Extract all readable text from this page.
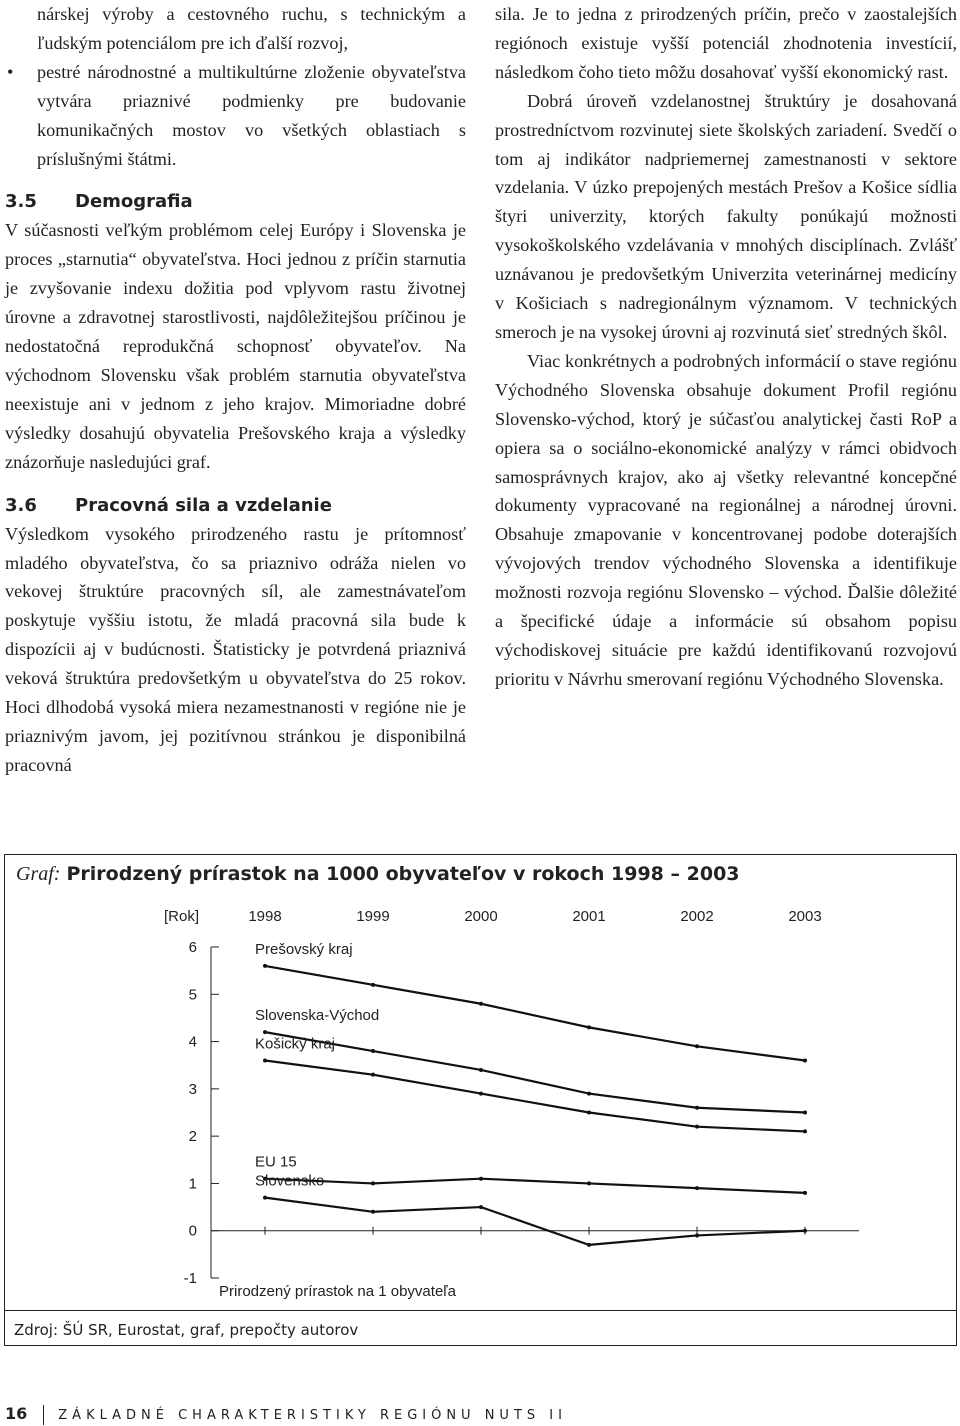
nárskej výroby a cestovného ruchu, s technickým a ľudským potenciálom pre ich ďalší rozvoj,

• pestré národnostné a multikultúrne zloženie obyvateľstva vytvára priaznivé podmienky pre budovanie komunikačných mostov vo všetkých oblastiach s príslušnými štátmi.

3.5 Demografia

V súčasnosti veľkým problémom celej Európy i Slovenska je proces „starnutia“ obyvateľstva. Hoci jednou z príčin starnutia je zvyšovanie indexu dožitia pod vplyvom rastu životnej úrovne a zdravotnej starostlivosti, najdôležitejšou príčinou je nedostatočná reprodukčná schopnosť obyvateľov. Na východnom Slovensku však problém starnutia obyvateľstva neexistuje ani v jednom z jeho krajov. Mimoriadne dobré výsledky dosahujú obyvatelia Prešovského kraja a výsledky znázorňuje nasledujúci graf.

3.6 Pracovná sila a vzdelanie

Výsledkom vysokého prirodzeného rastu je prítomnosť mladého obyvateľstva, čo sa priaznivo odráža nielen vo vekovej štruktúre pracovných síl, ale zamestnávateľom poskytuje vyššiu istotu, že mladá pracovná sila bude k dispozícii aj v budúcnosti. Štatisticky je potvrdená priaznivá veková štruktúra predovšetkým u obyvateľstva do 25 rokov. Hoci dlhodobá vysoká miera nezamestnanosti v regióne nie je priaznivým javom, jej pozitívnou stránkou je disponibilná pracovná

sila. Je to jedna z prirodzených príčin, prečo v zaostalejších regiónoch existuje vyšší potenciál zhodnotenia investícií, následkom čoho tieto môžu dosahovať vyšší ekonomický rast.

Dobrá úroveň vzdelanostnej štruktúry je dosahovaná prostredníctvom rozvinutej siete školských zariadení. Svedčí o tom aj indikátor nadpriemernej zamestnanosti v sektore vzdelania. V úzko prepojených mestách Prešov a Košice sídlia štyri univerzity, ktorých fakulty ponúkajú možnosti vysokoškolského vzdelávania v mnohých disciplínach. Zvlášť uznávanou je predovšetkým Univerzita veterinárnej medicíny v Košiciach s nadregionálnym významom. V technických smeroch je na vysokej úrovni aj rozvinutá sieť stredných škôl.

Viac konkrétnych a podrobných informácií o stave regiónu Východného Slovenska obsahuje dokument Profil regiónu Slovensko-východ, ktorý je súčasťou analytickej časti RoP a opiera sa o sociálno-ekonomické analýzy v rámci obidvoch samosprávnych krajov, ako aj všetky relevantné koncepčné dokumenty vypracované na regionálnej a národnej úrovni. Obsahuje zmapovanie v koncentrovanej podobe doterajších vývojových trendov východného Slovenska a identifikuje možnosti rozvoja regiónu Slovensko – východ. Ďalšie dôležité a špecifické údaje a informácie sú obsahom popisu východiskovej situácie pre každú identifikovanú rozvojovú prioritu v Návrhu smerovaní regiónu Východného Slovenska.

Graf: Prirodzený prírastok na 1000 obyvateľov v rokoch 1998 – 2003
6
5
4
3
2
1
0
-1
[Rok]	1998	1999	2000	2001	2002	2003
Prešovský kraj
Slovenska-Východ
Košický kraj
EU 15
Slovensko
Prirodzený prírastok na 1 obyvateľa
Zdroj: ŠÚ SR, Eurostat, graf, prepočty autorov
16 ZÁKLADNÉ CHARAKTERISTIKY REGIÓNU NUTS II
